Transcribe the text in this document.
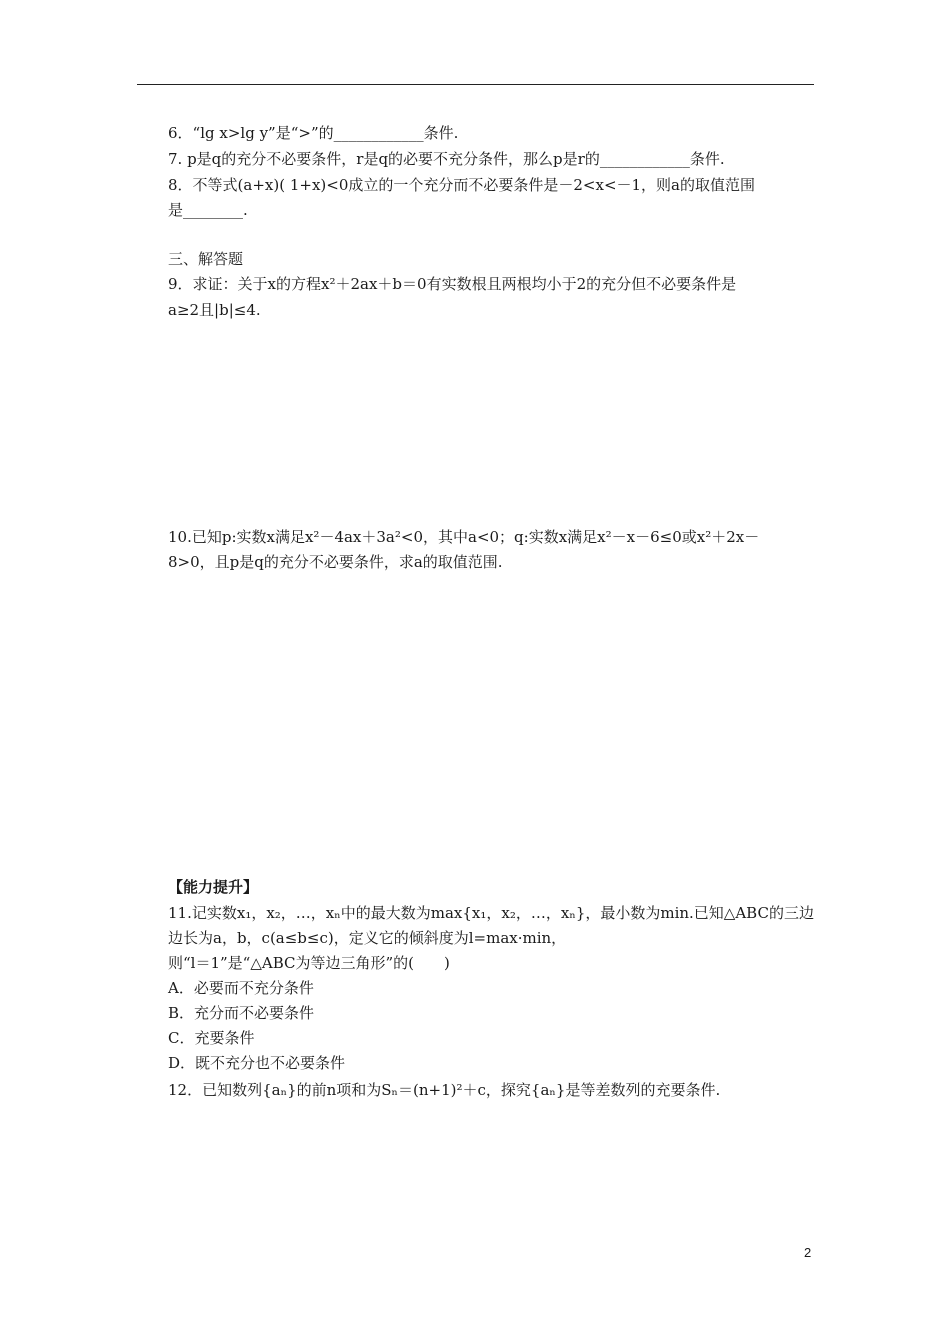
6．“lg x>lg y”是“>”的____________条件.
7. p是q的充分不必要条件，r是q的必要不充分条件，那么p是r的____________条件.
8．不等式(a+x)( 1+x)<0成立的一个充分而不必要条件是－2<x<－1，则a的取值范围
是________.
三、解答题
9．求证：关于x的方程x²＋2ax＋b＝0有实数根且两根均小于2的充分但不必要条件是
a≥2且|b|≤4.
10.已知p:实数x满足x²－4ax＋3a²<0，其中a<0；q:实数x满足x²－x－6≤0或x²＋2x－
8>0，且p是q的充分不必要条件，求a的取值范围.
【能力提升】
11.记实数x₁，x₂，…，xₙ中的最大数为max{x₁，x₂，…，xₙ}，最小数为min.已知△ABC的三边
边长为a，b，c(a≤b≤c)，定义它的倾斜度为l=max·min，
则“l＝1”是“△ABC为等边三角形”的(　　)
A．必要而不充分条件
B．充分而不必要条件
C．充要条件
D．既不充分也不必要条件
12．已知数列{aₙ}的前n项和为Sₙ＝(n+1)²＋c，探究{aₙ}是等差数列的充要条件.
2
